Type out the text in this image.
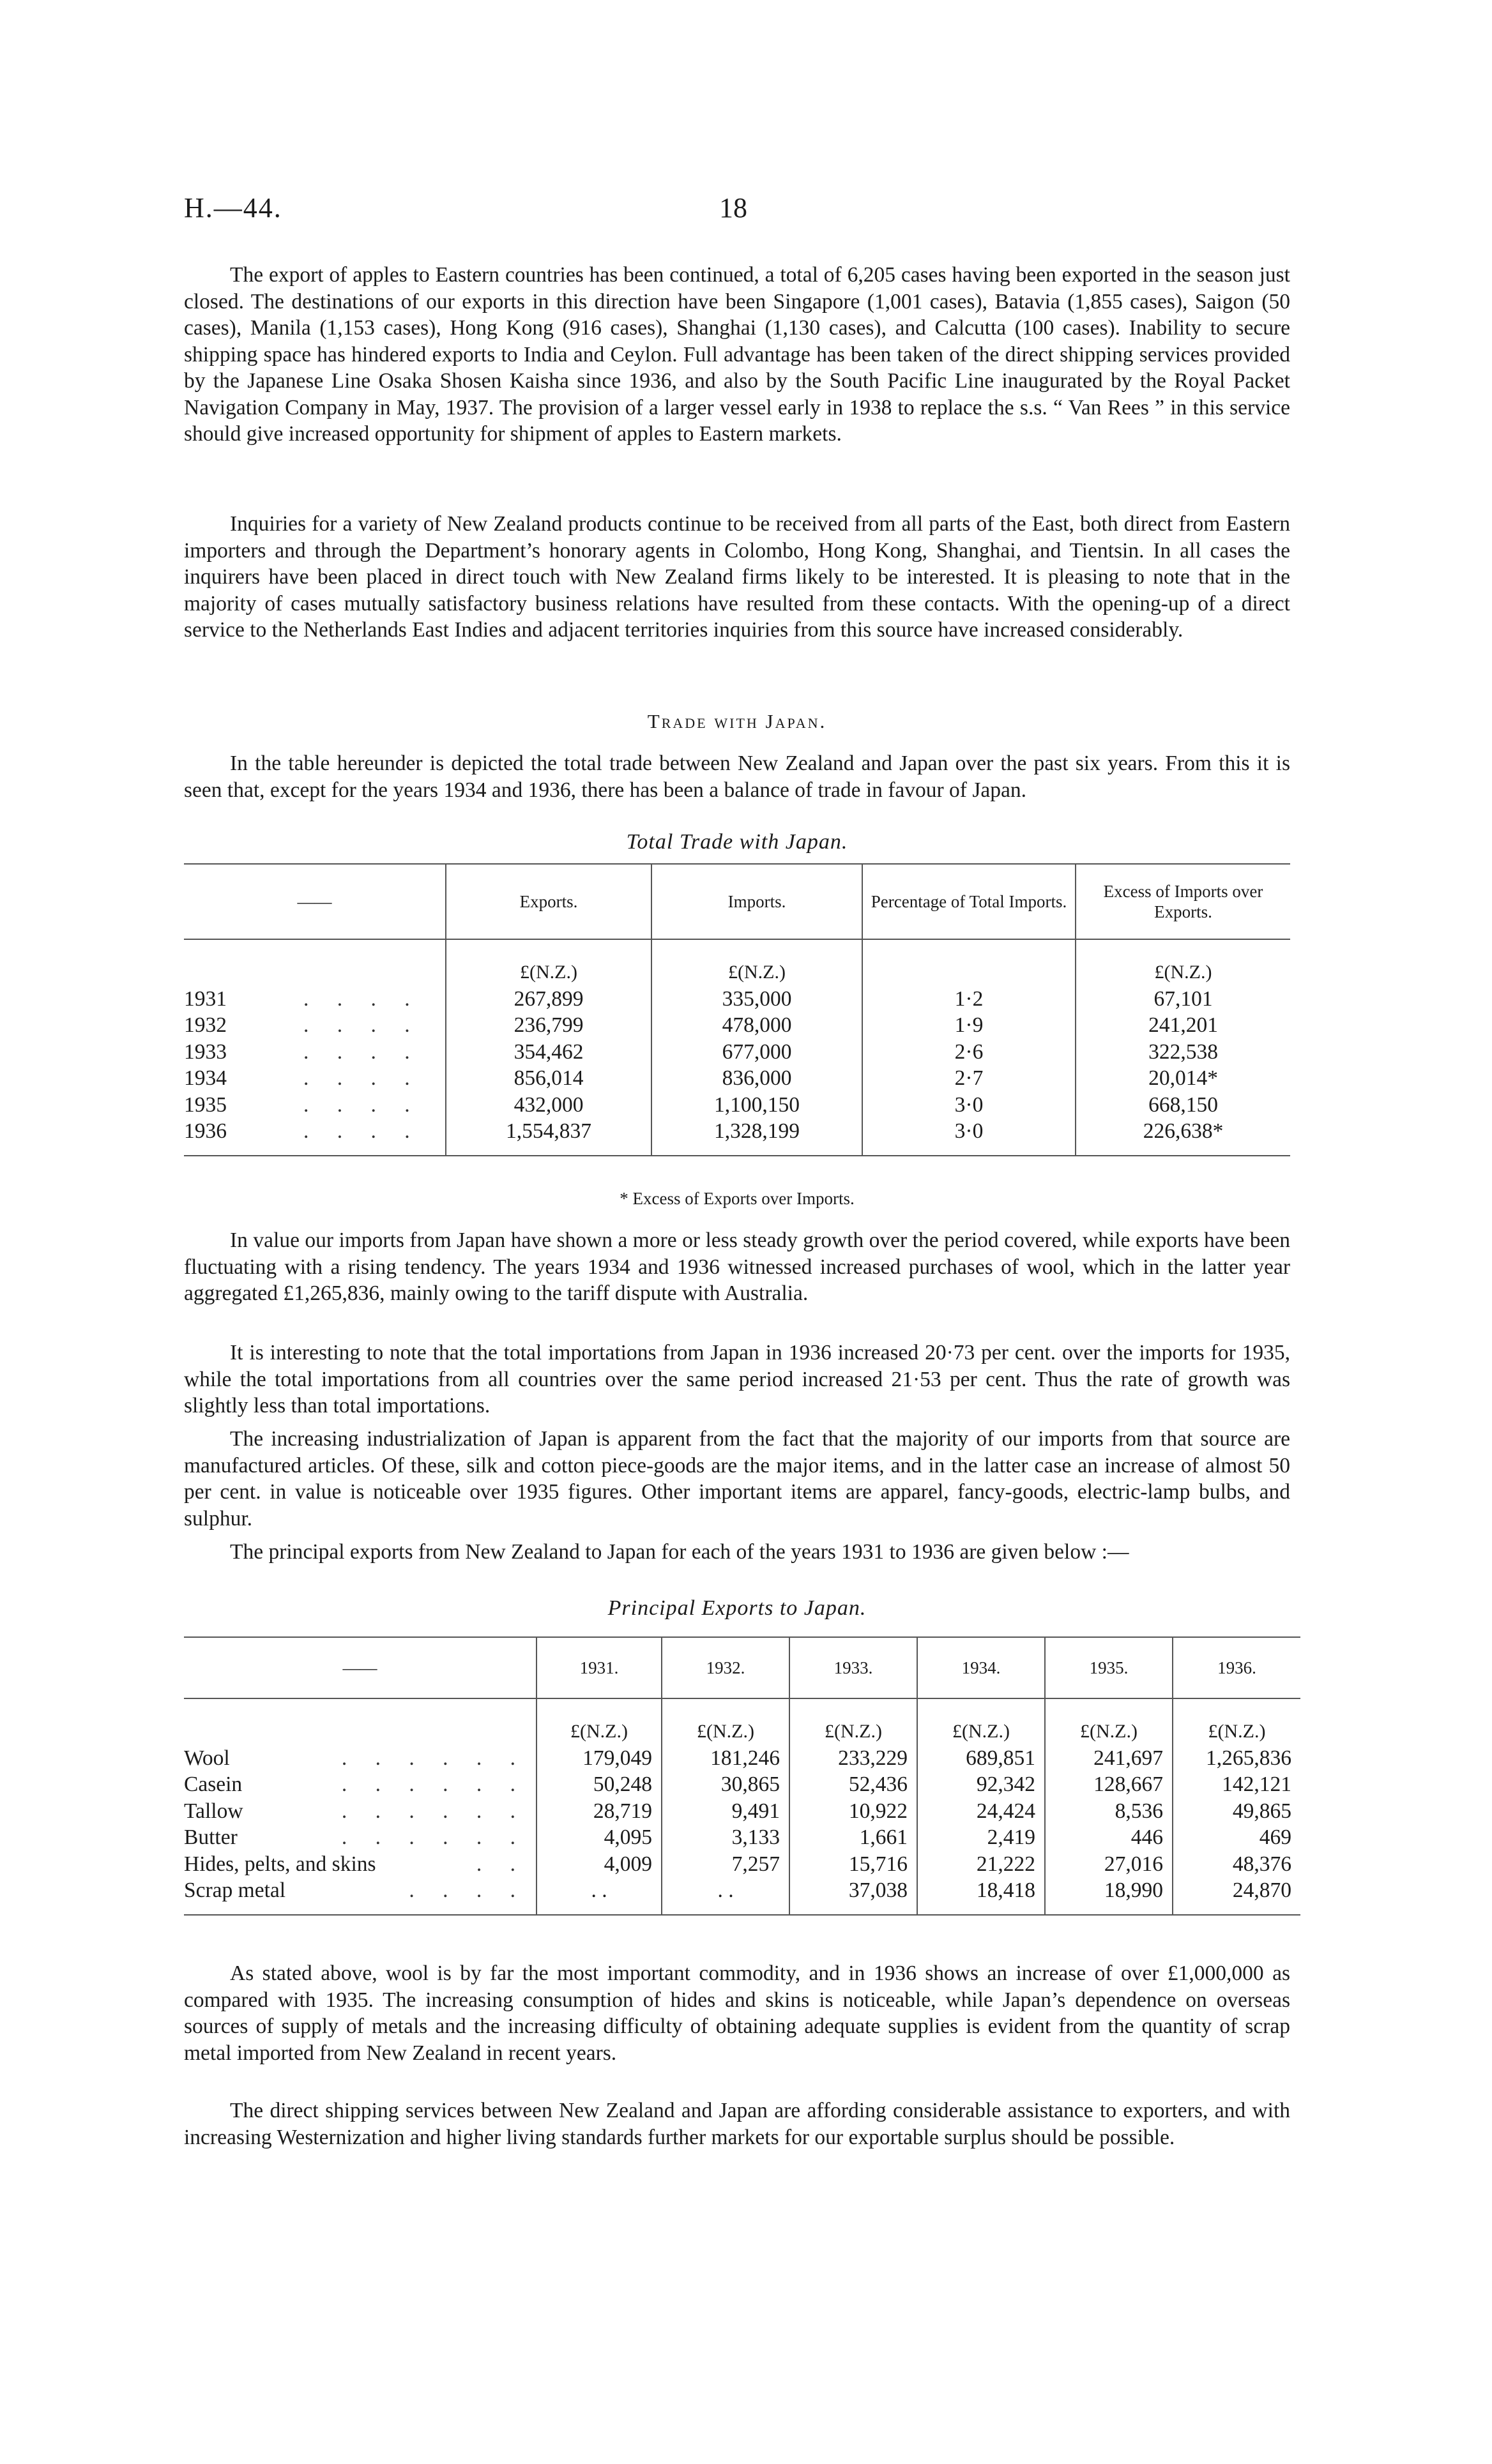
H.—44.	18

The export of apples to Eastern countries has been continued, a total of 6,205 cases having been exported in the season just closed. The destinations of our exports in this direction have been Singapore (1,001 cases), Batavia (1,855 cases), Saigon (50 cases), Manila (1,153 cases), Hong Kong (916 cases), Shanghai (1,130 cases), and Calcutta (100 cases). Inability to secure shipping space has hindered exports to India and Ceylon. Full advantage has been taken of the direct shipping services provided by the Japanese Line Osaka Shosen Kaisha since 1936, and also by the South Pacific Line inaugurated by the Royal Packet Navigation Company in May, 1937. The provision of a larger vessel early in 1938 to replace the s.s. “ Van Rees ” in this service should give increased opportunity for shipment of apples to Eastern markets.

Inquiries for a variety of New Zealand products continue to be received from all parts of the East, both direct from Eastern importers and through the Department’s honorary agents in Colombo, Hong Kong, Shanghai, and Tientsin. In all cases the inquirers have been placed in direct touch with New Zealand firms likely to be interested. It is pleasing to note that in the majority of cases mutually satisfactory business relations have resulted from these contacts. With the opening-up of a direct service to the Netherlands East Indies and adjacent territories inquiries from this source have increased considerably.

Trade with Japan.

In the table hereunder is depicted the total trade between New Zealand and Japan over the past six years. From this it is seen that, except for the years 1934 and 1936, there has been a balance of trade in favour of Japan.

Total Trade with Japan.
——	Exports.	Imports.	Percentage of Total Imports.	Excess of Imports over Exports.
	£(N.Z.)	£(N.Z.)		£(N.Z.)
1931 . . . .	267,899	335,000	1·2	67,101
1932 . . . .	236,799	478,000	1·9	241,201
1933 . . . .	354,462	677,000	2·6	322,538
1934 . . . .	856,014	836,000	2·7	20,014*
1935 . . . .	432,000	1,100,150	3·0	668,150
1936 . . . .	1,554,837	1,328,199	3·0	226,638*
* Excess of Exports over Imports.

In value our imports from Japan have shown a more or less steady growth over the period covered, while exports have been fluctuating with a rising tendency. The years 1934 and 1936 witnessed increased purchases of wool, which in the latter year aggregated £1,265,836, mainly owing to the tariff dispute with Australia.

It is interesting to note that the total importations from Japan in 1936 increased 20·73 per cent. over the imports for 1935, while the total importations from all countries over the same period increased 21·53 per cent. Thus the rate of growth was slightly less than total importations.

The increasing industrialization of Japan is apparent from the fact that the majority of our imports from that source are manufactured articles. Of these, silk and cotton piece-goods are the major items, and in the latter case an increase of almost 50 per cent. in value is noticeable over 1935 figures. Other important items are apparel, fancy-goods, electric-lamp bulbs, and sulphur.

The principal exports from New Zealand to Japan for each of the years 1931 to 1936 are given below :—

Principal Exports to Japan.
——	1931.	1932.	1933.	1934.	1935.	1936.
	£(N.Z.)	£(N.Z.)	£(N.Z.)	£(N.Z.)	£(N.Z.)	£(N.Z.)
Wool . . . . . .	179,049	181,246	233,229	689,851	241,697	1,265,836
Casein . . . . . .	50,248	30,865	52,436	92,342	128,667	142,121
Tallow . . . . . .	28,719	9,491	10,922	24,424	8,536	49,865
Butter . . . . . .	4,095	3,133	1,661	2,419	446	469
Hides, pelts, and skins . .	4,009	7,257	15,716	21,222	27,016	48,376
Scrap metal . . . .	. .	. .	37,038	18,418	18,990	24,870

As stated above, wool is by far the most important commodity, and in 1936 shows an increase of over £1,000,000 as compared with 1935. The increasing consumption of hides and skins is noticeable, while Japan’s dependence on overseas sources of supply of metals and the increasing difficulty of obtaining adequate supplies is evident from the quantity of scrap metal imported from New Zealand in recent years.

The direct shipping services between New Zealand and Japan are affording considerable assistance to exporters, and with increasing Westernization and higher living standards further markets for our exportable surplus should be possible.
